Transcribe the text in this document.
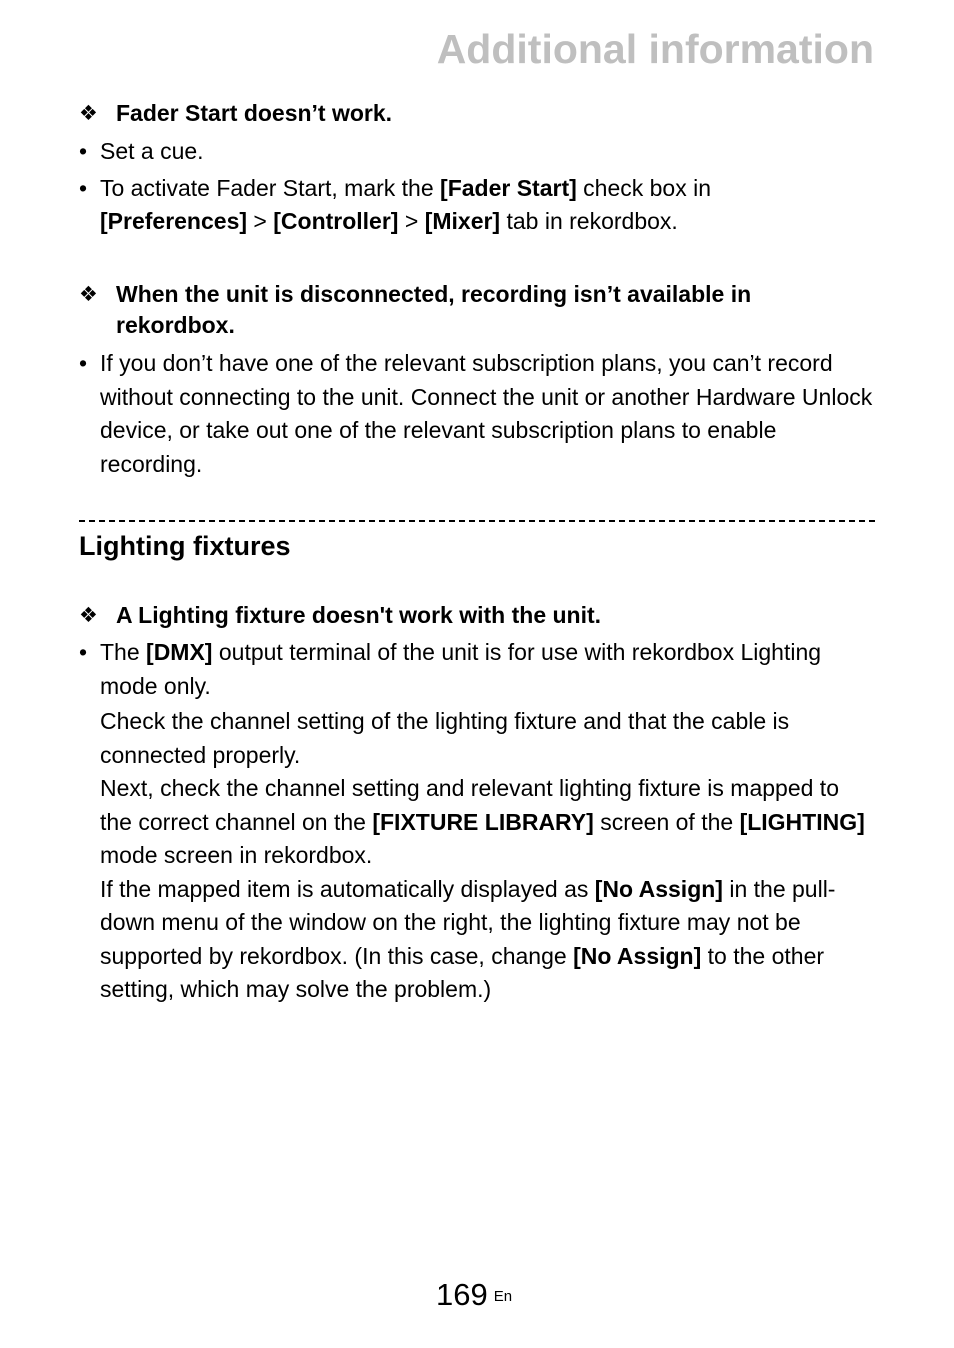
Additional information
❖ Fader Start doesn’t work.
• Set a cue.
• To activate Fader Start, mark the [Fader Start] check box in
[Preferences] > [Controller] > [Mixer] tab in rekordbox.
❖ When the unit is disconnected, recording isn’t available in rekordbox.
• If you don’t have one of the relevant subscription plans, you can’t record without connecting to the unit. Connect the unit or another Hardware Unlock device, or take out one of the relevant subscription plans to enable recording.
Lighting fixtures
❖ A Lighting fixture doesn't work with the unit.
• The [DMX] output terminal of the unit is for use with rekordbox Lighting mode only.
Check the channel setting of the lighting fixture and that the cable is connected properly.
Next, check the channel setting and relevant lighting fixture is mapped to the correct channel on the [FIXTURE LIBRARY] screen of the [LIGHTING] mode screen in rekordbox.
If the mapped item is automatically displayed as [No Assign] in the pull-down menu of the window on the right, the lighting fixture may not be supported by rekordbox. (In this case, change [No Assign] to the other setting, which may solve the problem.)
169 $^{En}$
